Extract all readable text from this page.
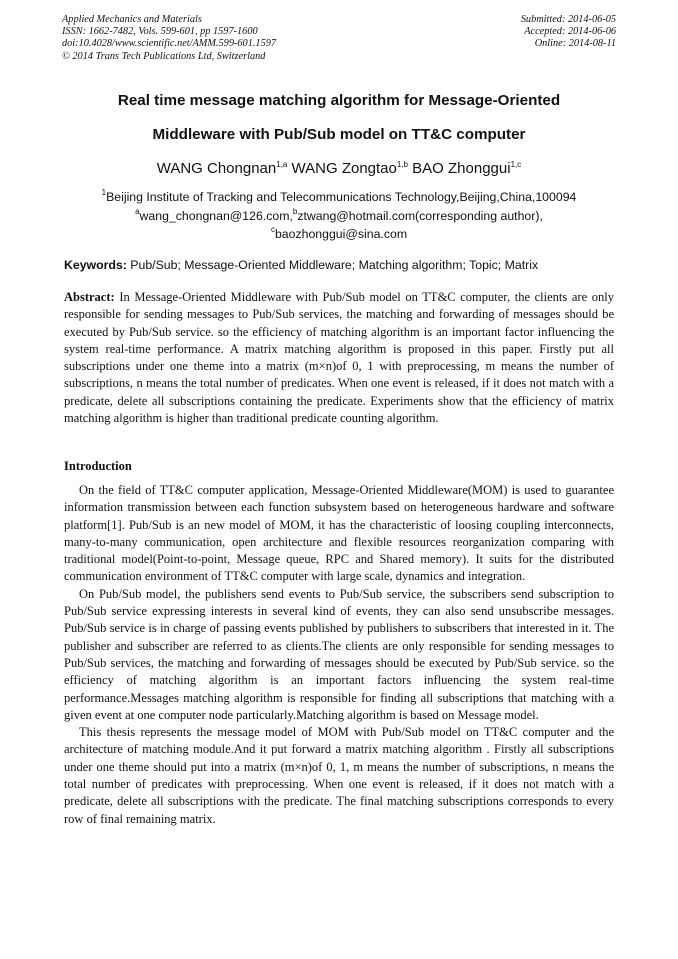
Applied Mechanics and Materials
ISSN: 1662-7482, Vols. 599-601, pp 1597-1600
doi:10.4028/www.scientific.net/AMM.599-601.1597
© 2014 Trans Tech Publications Ltd, Switzerland
Submitted: 2014-06-05
Accepted: 2014-06-06
Online: 2014-08-11
Real time message matching algorithm for Message-Oriented
Middleware with Pub/Sub model on TT&C computer
WANG Chongnan$^{1,a}$ WANG Zongtao$^{1,b}$ BAO Zhonggui$^{1,c}$
$^1$Beijing Institute of Tracking and Telecommunications Technology,Beijing,China,100094
$^a$wang_chongnan@126.com,$^b$ztwang@hotmail.com(corresponding author),
$^c$baozhonggui@sina.com
Keywords: Pub/Sub; Message-Oriented Middleware; Matching algorithm; Topic; Matrix
Abstract: In Message-Oriented Middleware with Pub/Sub model on TT&C computer, the clients are only responsible for sending messages to Pub/Sub services, the matching and forwarding of messages should be executed by Pub/Sub service. so the efficiency of matching algorithm is an important factor influencing the system real-time performance. A matrix matching algorithm is proposed in this paper. Firstly put all subscriptions under one theme into a matrix (m×n)of 0, 1 with preprocessing, m means the number of subscriptions, n means the total number of predicates. When one event is released, if it does not match with a predicate, delete all subscriptions containing the predicate. Experiments show that the efficiency of matrix matching algorithm is higher than traditional predicate counting algorithm.
Introduction

On the field of TT&C computer application, Message-Oriented Middleware(MOM) is used to guarantee information transmission between each function subsystem based on heterogeneous hardware and software platform[1]. Pub/Sub is an new model of MOM, it has the characteristic of loosing coupling interconnects, many-to-many communication, open architecture and flexible resources reorganization comparing with traditional model(Point-to-point, Message queue, RPC and Shared memory). It suits for the distributed communication environment of TT&C computer with large scale, dynamics and integration.

On Pub/Sub model, the publishers send events to Pub/Sub service, the subscribers send subscription to Pub/Sub service expressing interests in several kind of events, they can also send unsubscribe messages. Pub/Sub service is in charge of passing events published by publishers to subscribers that interested in it. The publisher and subscriber are referred to as clients.The clients are only responsible for sending messages to Pub/Sub services, the matching and forwarding of messages should be executed by Pub/Sub service. so the efficiency of matching algorithm is an important factors influencing the system real-time performance.Messages matching algorithm is responsible for finding all subscriptions that matching with a given event at one computer node particularly.Matching algorithm is based on Message model.

This thesis represents the message model of MOM with Pub/Sub model on TT&C computer and the architecture of matching module.And it put forward a matrix matching algorithm . Firstly all subscriptions under one theme should put into a matrix (m×n)of 0, 1, m means the number of subscriptions, n means the total number of predicates with preprocessing. When one event is released, if it does not match with a predicate, delete all subscriptions with the predicate. The final matching subscriptions corresponds to every row of final remaining matrix.
